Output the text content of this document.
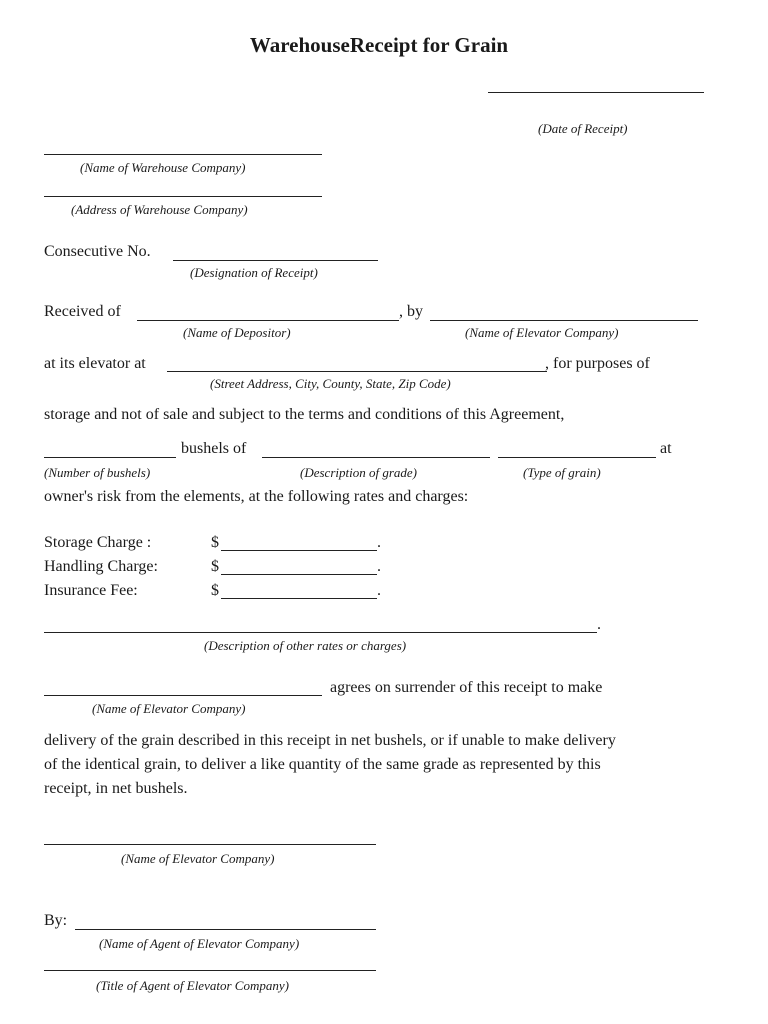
WarehouseReceipt for Grain
(Date of Receipt)
(Name of Warehouse Company)
(Address of Warehouse Company)
Consecutive No.
(Designation of Receipt)
Received of	, by
(Name of Depositor)	(Name of Elevator Company)
at its elevator at	, for purposes of
(Street Address, City, County, State, Zip Code)
storage and not of sale and subject to the terms and conditions of this Agreement,
bushels of	at
(Number of bushels)	(Description of grade)	(Type of grain)
owner's risk from the elements, at the following rates and charges:
Storage Charge :	$	.
Handling Charge:	$	.
Insurance Fee:	$	.
.
(Description of other rates or charges)
agrees on surrender of this receipt to make
(Name of Elevator Company)
delivery of the grain described in this receipt in net bushels, or if unable to make delivery
of the identical grain, to deliver a like quantity of the same grade as represented by this
receipt, in net bushels.
(Name of Elevator Company)
By:
(Name of Agent of Elevator Company)
(Title of Agent of Elevator Company)
